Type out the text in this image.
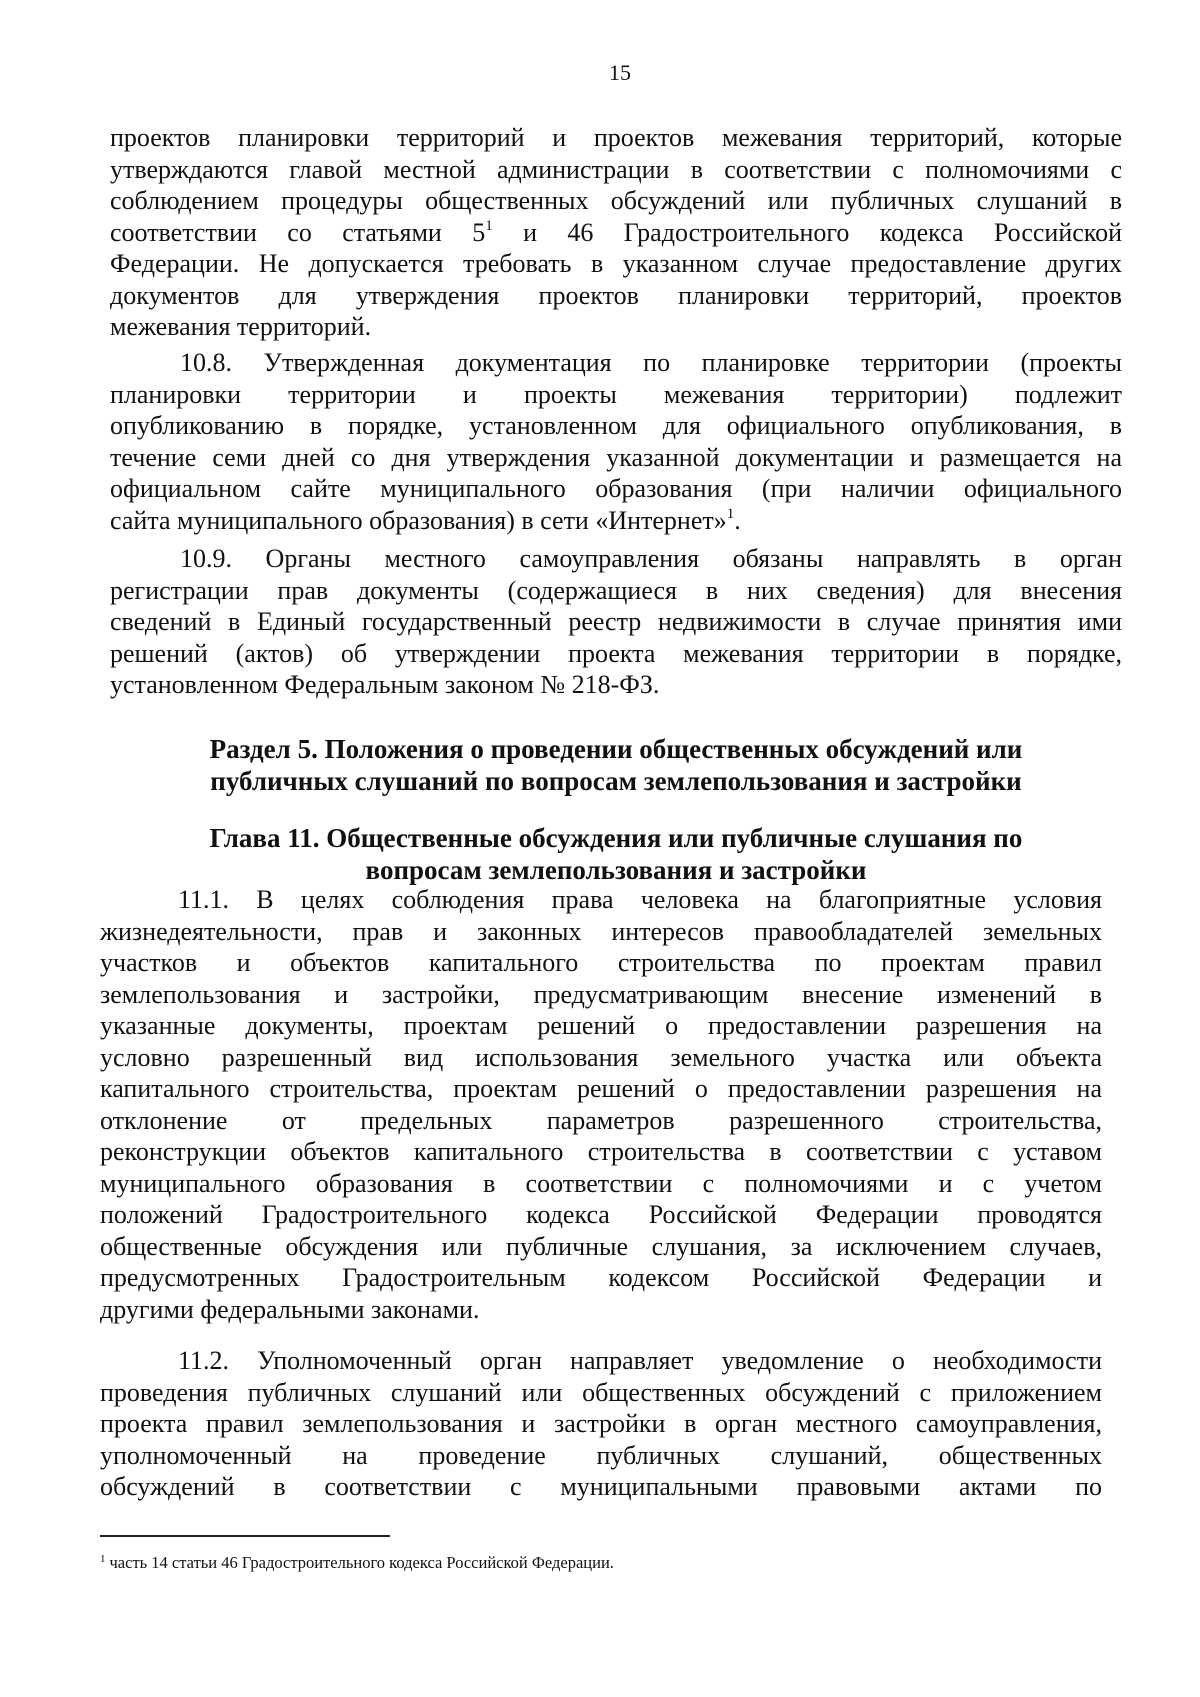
15
проектов планировки территорий и проектов межевания территорий, которые
утверждаются главой местной администрации в соответствии с полномочиями с
соблюдением процедуры общественных обсуждений или публичных слушаний в
соответствии со статьями $5^1$ и 46 Градостроительного кодекса Российской
Федерации. Не допускается требовать в указанном случае предоставление других
документов для утверждения проектов планировки территорий, проектов
межевания территорий.
10.8. Утвержденная документация по планировке территории (проекты
планировки территории и проекты межевания территории) подлежит
опубликованию в порядке, установленном для официального опубликования, в
течение семи дней со дня утверждения указанной документации и размещается на
официальном сайте муниципального образования (при наличии официального
сайта муниципального образования) в сети «Интернет»$^1$.
10.9. Органы местного самоуправления обязаны направлять в орган
регистрации прав документы (содержащиеся в них сведения) для внесения
сведений в Единый государственный реестр недвижимости в случае принятия ими
решений (актов) об утверждении проекта межевания территории в порядке,
установленном Федеральным законом № 218-ФЗ.
Раздел 5. Положения о проведении общественных обсуждений или
публичных слушаний по вопросам землепользования и застройки
Глава 11. Общественные обсуждения или публичные слушания по
вопросам землепользования и застройки
11.1. В целях соблюдения права человека на благоприятные условия
жизнедеятельности, прав и законных интересов правообладателей земельных
участков и объектов капитального строительства по проектам правил
землепользования и застройки, предусматривающим внесение изменений в
указанные документы, проектам решений о предоставлении разрешения на
условно разрешенный вид использования земельного участка или объекта
капитального строительства, проектам решений о предоставлении разрешения на
отклонение от предельных параметров разрешенного строительства,
реконструкции объектов капитального строительства в соответствии с уставом
муниципального образования в соответствии с полномочиями и с учетом
положений Градостроительного кодекса Российской Федерации проводятся
общественные обсуждения или публичные слушания, за исключением случаев,
предусмотренных Градостроительным кодексом Российской Федерации и
другими федеральными законами.
11.2. Уполномоченный орган направляет уведомление о необходимости
проведения публичных слушаний или общественных обсуждений с приложением
проекта правил землепользования и застройки в орган местного самоуправления,
уполномоченный на проведение публичных слушаний, общественных
обсуждений в соответствии с муниципальными правовыми актами по
$^1$ часть 14 статьи 46 Градостроительного кодекса Российской Федерации.
